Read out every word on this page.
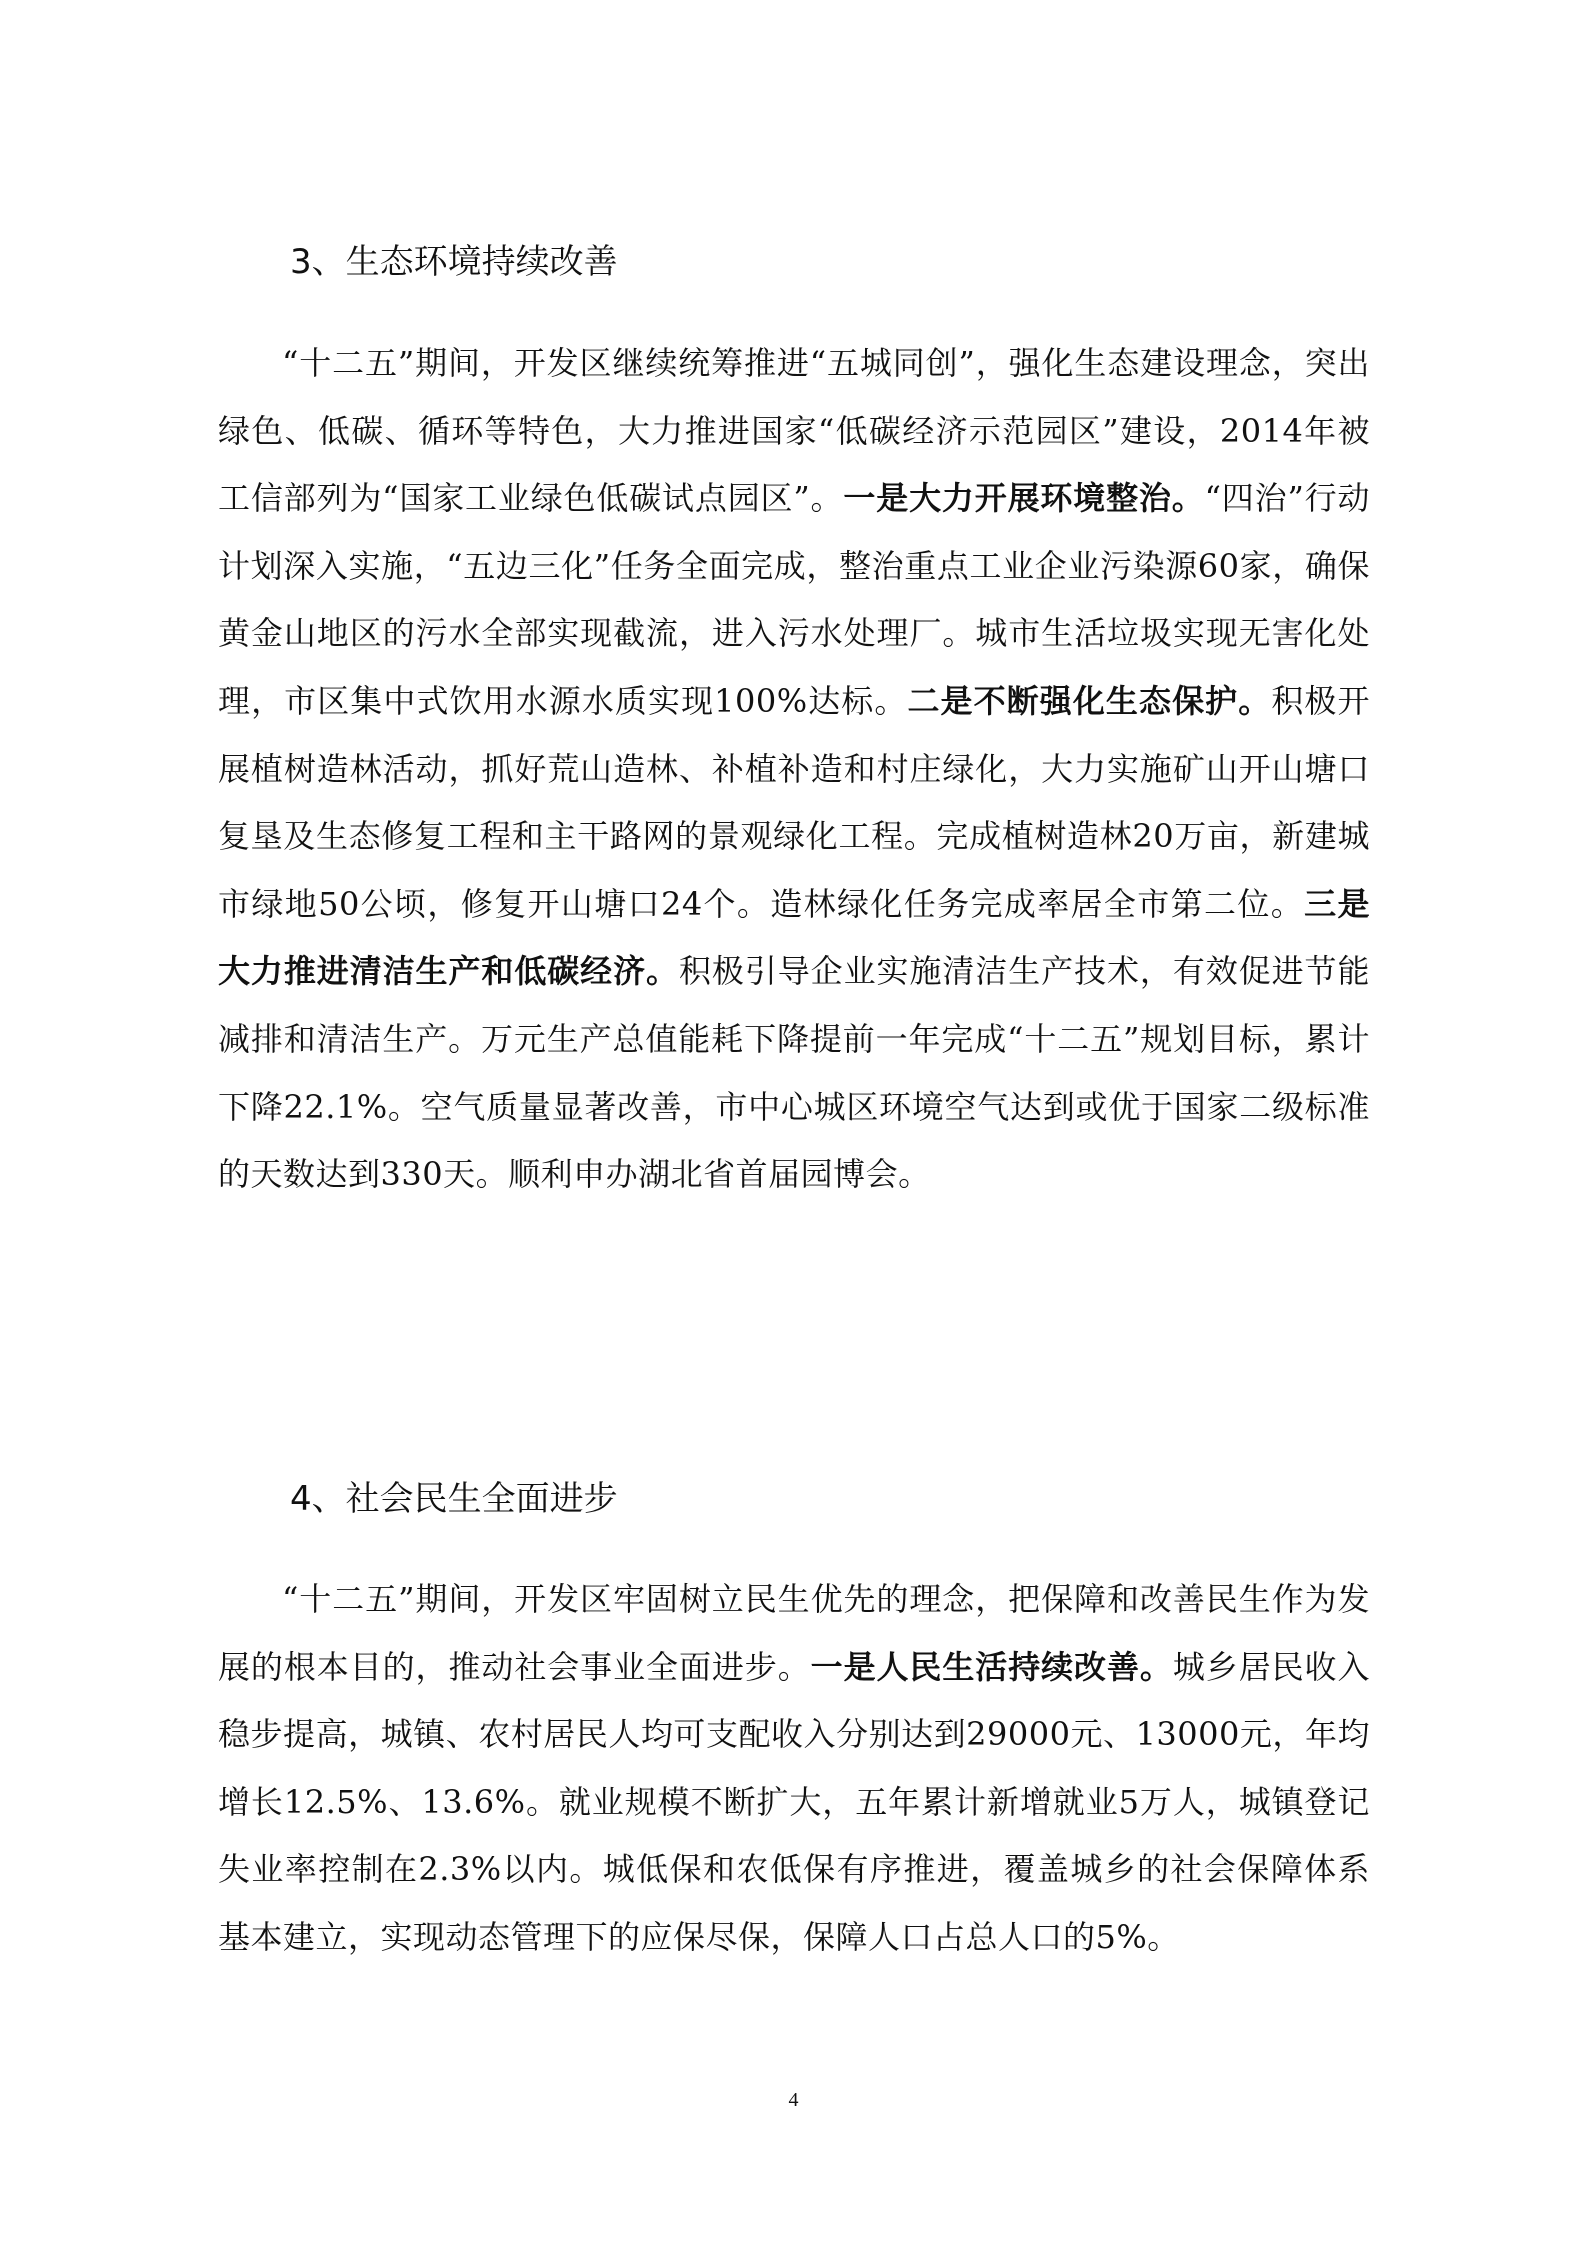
3、生态环境持续改善

“十二五”期间，开发区继续统筹推进“五城同创”，强化生态建设理念，突出绿色、低碳、循环等特色，大力推进国家“低碳经济示范园区”建设，2014年被工信部列为“国家工业绿色低碳试点园区”。一是大力开展环境整治。“四治”行动计划深入实施，“五边三化”任务全面完成，整治重点工业企业污染源60家，确保黄金山地区的污水全部实现截流，进入污水处理厂。城市生活垃圾实现无害化处理，市区集中式饮用水源水质实现100%达标。二是不断强化生态保护。积极开展植树造林活动，抓好荒山造林、补植补造和村庄绿化，大力实施矿山开山塘口复垦及生态修复工程和主干路网的景观绿化工程。完成植树造林20万亩，新建城市绿地50公顷，修复开山塘口24个。造林绿化任务完成率居全市第二位。三是大力推进清洁生产和低碳经济。积极引导企业实施清洁生产技术，有效促进节能减排和清洁生产。万元生产总值能耗下降提前一年完成“十二五”规划目标，累计下降22.1%。空气质量显著改善，市中心城区环境空气达到或优于国家二级标准的天数达到330天。顺利申办湖北省首届园博会。

4、社会民生全面进步

“十二五”期间，开发区牢固树立民生优先的理念，把保障和改善民生作为发展的根本目的，推动社会事业全面进步。一是人民生活持续改善。城乡居民收入稳步提高，城镇、农村居民人均可支配收入分别达到29000元、13000元，年均增长12.5%、13.6%。就业规模不断扩大，五年累计新增就业5万人，城镇登记失业率控制在2.3%以内。城低保和农低保有序推进，覆盖城乡的社会保障体系基本建立，实现动态管理下的应保尽保，保障人口占总人口的5%。

4
